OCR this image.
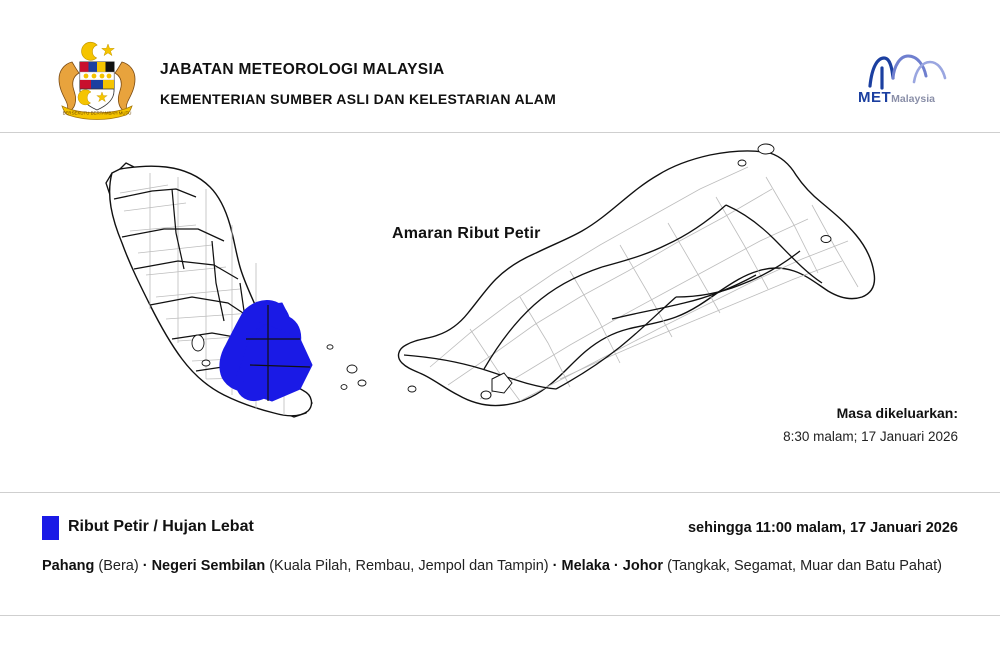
BERSEKUTU BERTAMBAH MUTU
JABATAN METEOROLOGI MALAYSIA
KEMENTERIAN SUMBER ASLI DAN KELESTARIAN ALAM	METMalaysia
Amaran Ribut Petir
Masa dikeluarkan:
8:30 malam; 17 Januari 2026
Ribut Petir / Hujan Lebat	sehingga 11:00 malam, 17 Januari 2026
Pahang (Bera) · Negeri Sembilan (Kuala Pilah, Rembau, Jempol dan Tampin) · Melaka · Johor (Tangkak, Segamat, Muar dan Batu Pahat)
